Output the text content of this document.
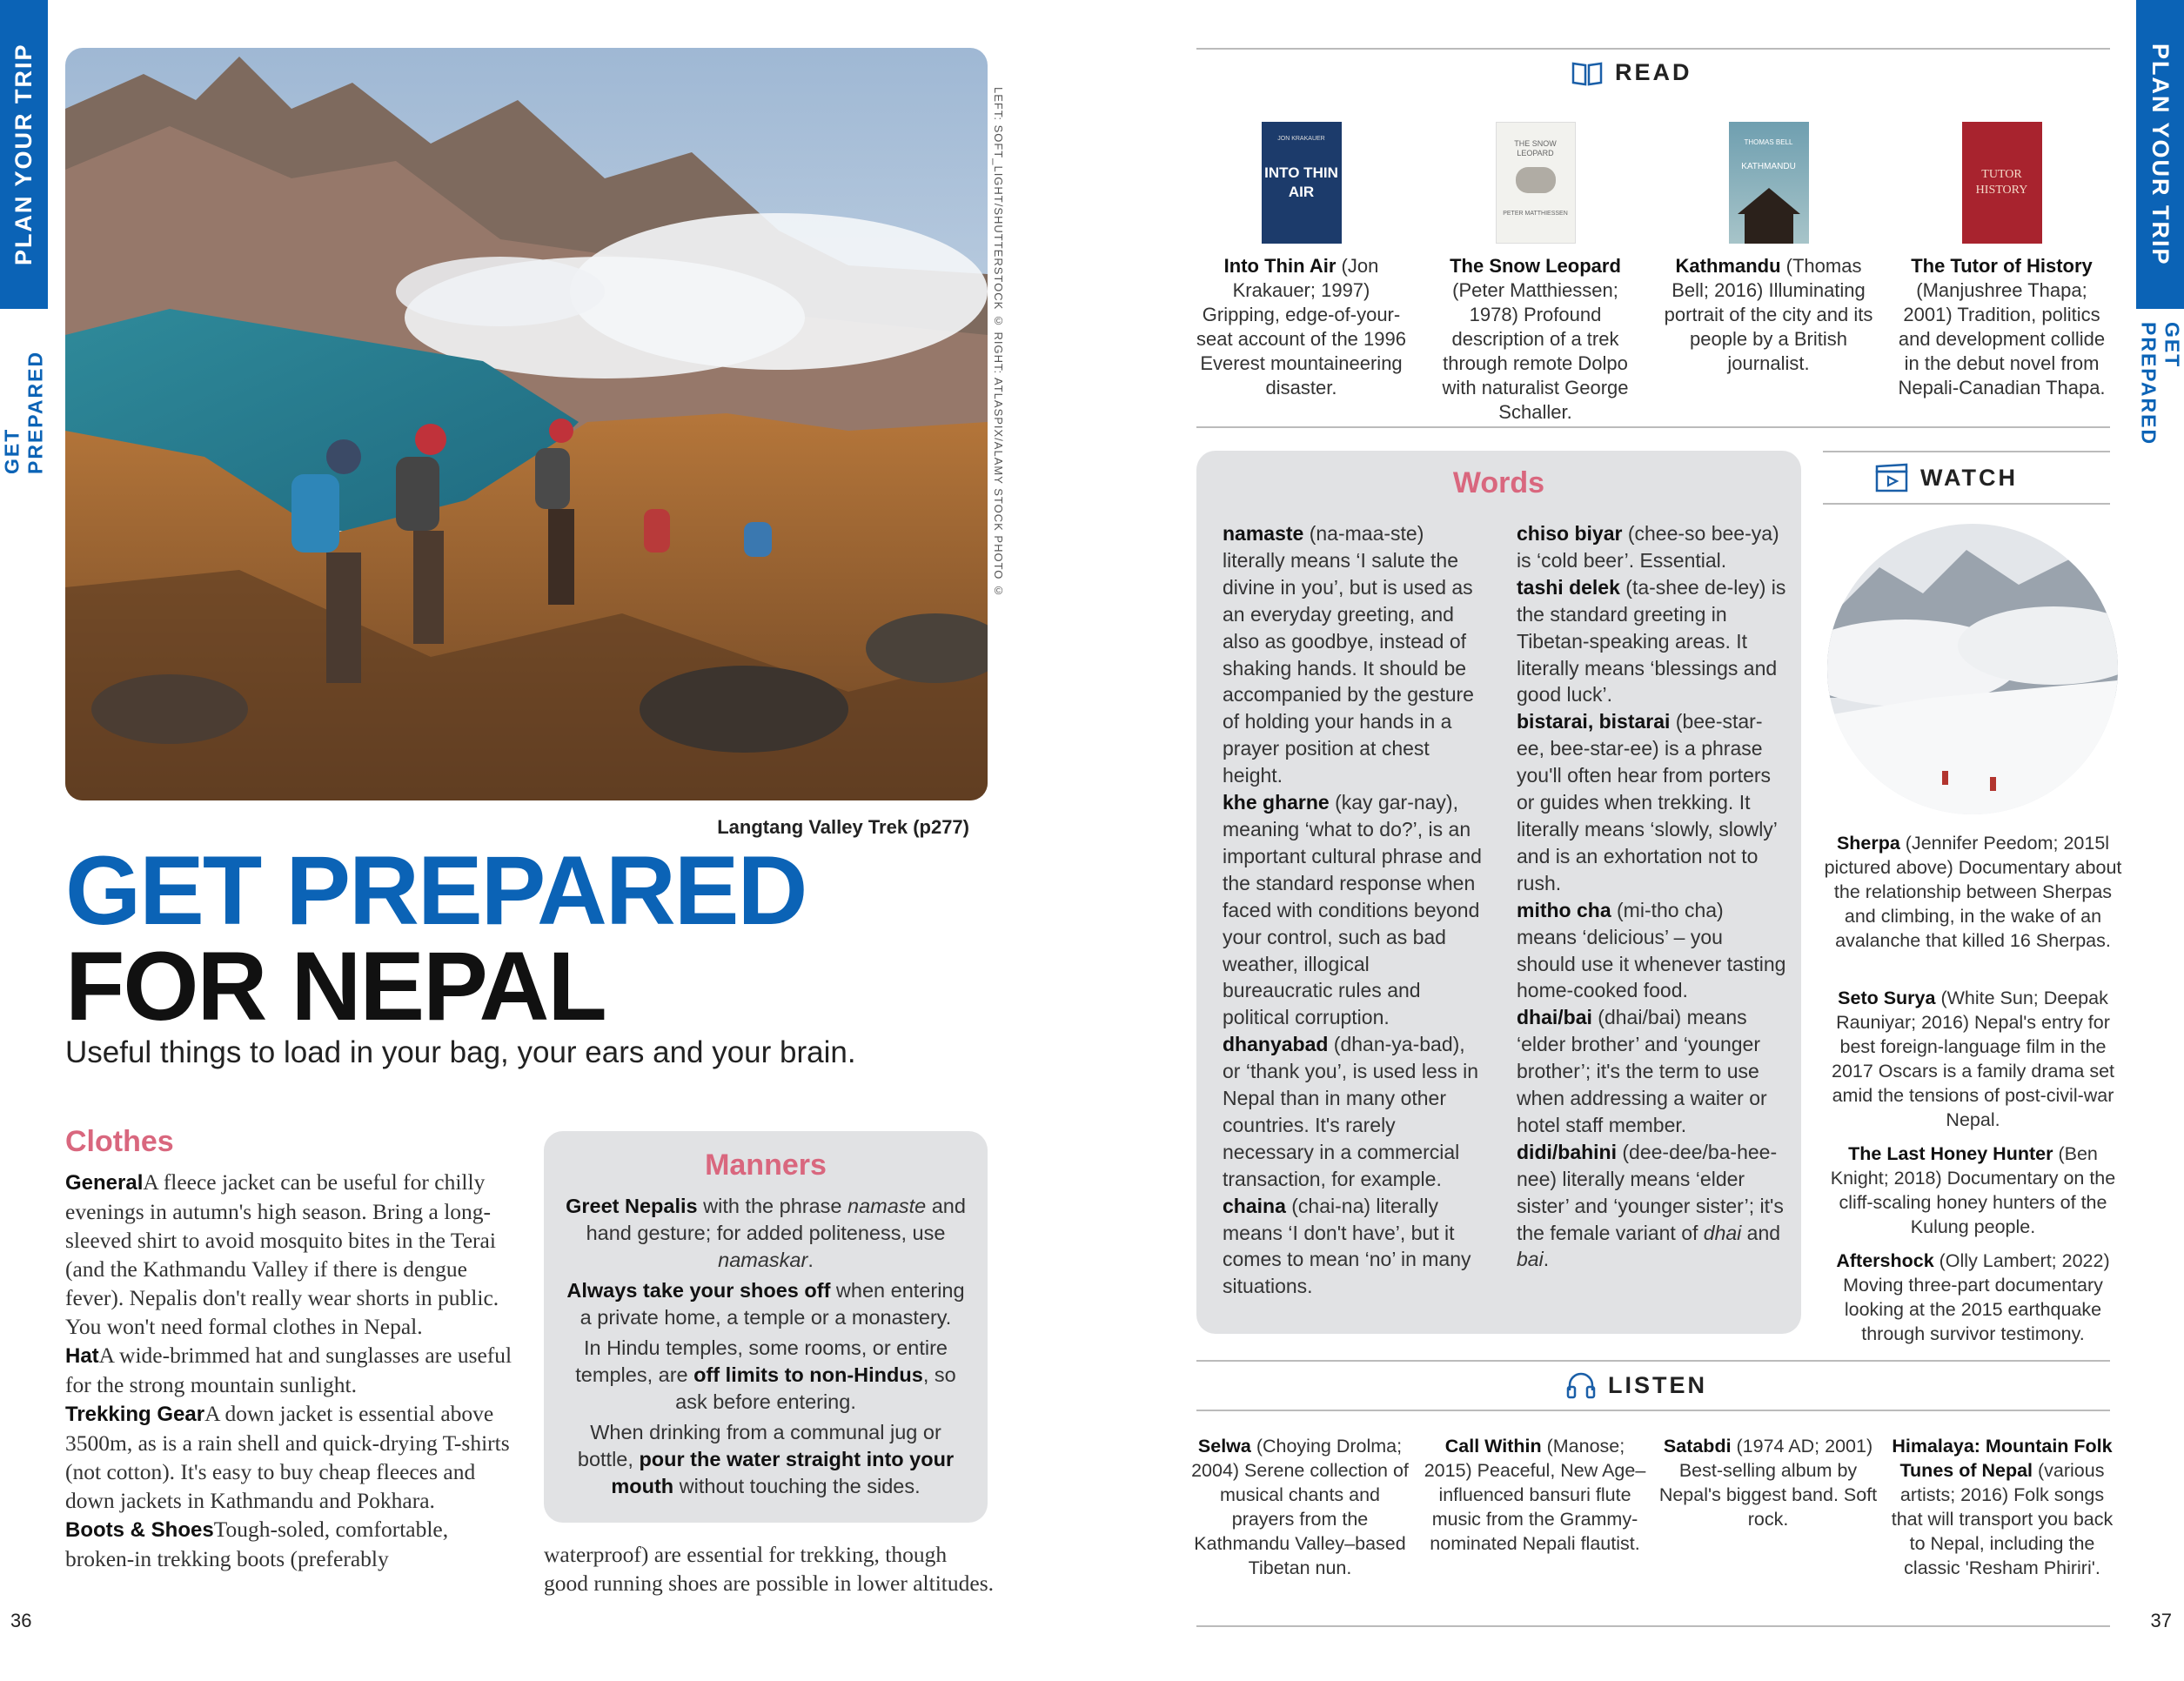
PLAN YOUR TRIP
GET PREPARED
PLAN YOUR TRIP
GET PREPARED
LEFT: SOFT_LIGHT/SHUTTERSTOCK © RIGHT: ATLASPIX/ALAMY STOCK PHOTO ©
Langtang Valley Trek (p277)
GET PREPARED
FOR NEPAL
Useful things to load in your bag, your ears and your brain.
Clothes
GeneralA fleece jacket can be useful for chilly evenings in autumn's high season. Bring a long-sleeved shirt to avoid mosquito bites in the Terai (and the Kathmandu Valley if there is dengue fever). Nepalis don't really wear shorts in public. You won't need formal clothes in Nepal.
HatA wide-brimmed hat and sunglasses are useful for the strong mountain sunlight.
Trekking GearA down jacket is essential above 3500m, as is a rain shell and quick-drying T-shirts (not cotton). It's easy to buy cheap fleeces and down jackets in Kathmandu and Pokhara.
Boots & ShoesTough-soled, comfortable, broken-in trekking boots (preferably	waterproof) are essential for trekking, though good running shoes are possible in lower altitudes.
Manners

Greet Nepalis with the phrase namaste and hand gesture; for added politeness, use namaskar.

Always take your shoes off when entering a private home, a temple or a monastery.

In Hindu temples, some rooms, or entire temples, are off limits to non-Hindus, so ask before entering.

When drinking from a communal jug or bottle, pour the water straight into your mouth without touching the sides.

36	37
READ
INTO THIN AIR
JON KRAKAUER
Into Thin Air (Jon Krakauer; 1997) Gripping, edge-of-your-seat account of the 1996 Everest mountaineering disaster.
THE SNOW LEOPARD
PETER MATTHIESSEN
The Snow Leopard (Peter Matthiessen; 1978) Profound description of a trek through remote Dolpo with naturalist George Schaller.
THOMAS BELL
KATHMANDU
Kathmandu (Thomas Bell; 2016) Illuminating portrait of the city and its people by a British journalist.
TUTOR HISTORY
The Tutor of History (Manjushree Thapa; 2001) Tradition, politics and development collide in the debut novel from Nepali-Canadian Thapa.
Words
namaste (na-maa-ste) literally means ‘I salute the divine in you’, but is used as an everyday greeting, and also as goodbye, instead of shaking hands. It should be accompanied by the gesture of holding your hands in a prayer position at chest height.
khe gharne (kay gar-nay), meaning ‘what to do?’, is an important cultural phrase and the standard response when faced with conditions beyond your control, such as bad weather, illogical bureaucratic rules and political corruption.
dhanyabad (dhan-ya-bad), or ‘thank you’, is used less in Nepal than in many other countries. It's rarely necessary in a commercial transaction, for example.
chaina (chai-na) literally means ‘I don't have’, but it comes to mean ‘no’ in many situations.
chiso biyar (chee-so bee-ya) is ‘cold beer’. Essential.
tashi delek (ta-shee de-ley) is the standard greeting in Tibetan-speaking areas. It literally means ‘blessings and good luck’.
bistarai, bistarai (bee-star-ee, bee-star-ee) is a phrase you'll often hear from porters or guides when trekking. It literally means ‘slowly, slowly’ and is an exhortation not to rush.
mitho cha (mi-tho cha) means ‘delicious’ – you should use it whenever tasting home-cooked food.
dhai/bai (dhai/bai) means ‘elder brother’ and ‘younger brother’; it's the term to use when addressing a waiter or hotel staff member.
didi/bahini (dee-dee/ba-hee-nee) literally means ‘elder sister’ and ‘younger sister’; it's the female variant of dhai and bai.
WATCH
Sherpa (Jennifer Peedom; 2015l pictured above) Documentary about the relationship between Sherpas and climbing, in the wake of an avalanche that killed 16 Sherpas.
Seto Surya (White Sun; Deepak Rauniyar; 2016) Nepal's entry for best foreign-language film in the 2017 Oscars is a family drama set amid the tensions of post-civil-war Nepal.
The Last Honey Hunter (Ben Knight; 2018) Documentary on the cliff-scaling honey hunters of the Kulung people.
Aftershock (Olly Lambert; 2022) Moving three-part documentary looking at the 2015 earthquake through survivor testimony.
LISTEN
Selwa (Choying Drolma; 2004) Serene collection of musical chants and prayers from the Kathmandu Valley–based Tibetan nun.
Call Within (Manose; 2015) Peaceful, New Age–influenced bansuri flute music from the Grammy-nominated Nepali flautist.
Satabdi (1974 AD; 2001) Best-selling album by Nepal's biggest band. Soft rock.
Himalaya: Mountain Folk Tunes of Nepal (various artists; 2016) Folk songs that will transport you back to Nepal, including the classic 'Resham Phiriri'.
